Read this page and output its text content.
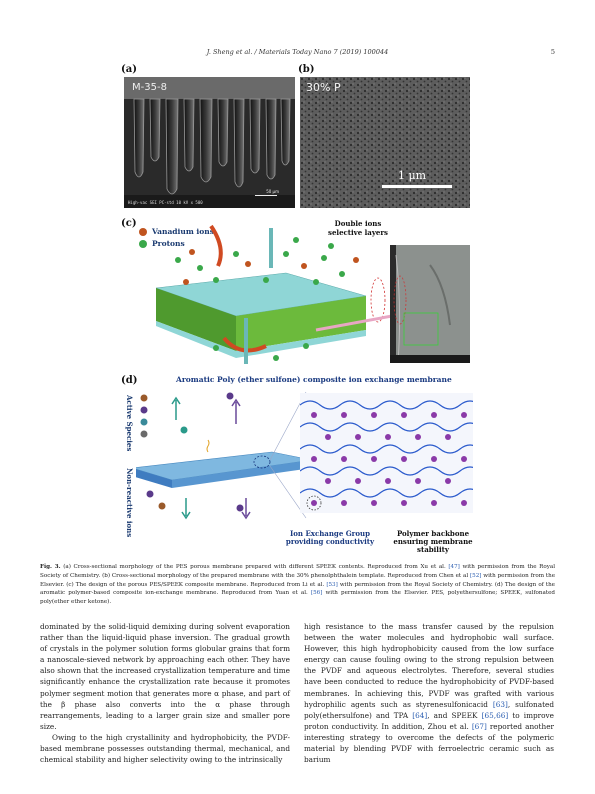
J. Sheng et al. / Materials Today Nano 7 (2019) 100044	5
(a)
M-35-8
50 μm
High-vac SEI PC-std 10 kV x 500
(b)
30% P
1 μm
(c)
Vanadium ions
Protons
Double ions
selective layers
(d)	Aromatic Poly (ether sulfone) composite ion exchange membrane
Active Species
Non-reactive ions	Ion Exchange Group
providing conductivity
Polymer backbone
ensuring membrane stability
Fig. 3. (a) Cross-sectional morphology of the PES porous membrane prepared with different SPEEK contents. Reproduced from Xu et al. [47] with permission from the Royal Society of Chemistry. (b) Cross-sectional morphology of the prepared membrane with the 30% phenolphthalein template. Reproduced from Chen et al [52] with permission from the Elsevier. (c) The design of the porous PES/SPEEK composite membrane. Reproduced from Li et al. [53] with permission from the Royal Society of Chemistry. (d) The design of the aromatic polymer-based composite ion-exchange membrane. Reproduced from Yuan et al. [56] with permission from the Elsevier. PES, polyethersulfone; SPEEK, sulfonated poly(ether ether ketone).

dominated by the solid-liquid demixing during solvent evaporation rather than the liquid-liquid phase inversion. The gradual growth of crystals in the polymer solution forms globular grains that form a nanoscale-sieved network by approaching each other. They have also shown that the increased crystallization temperature and time significantly enhance the crystallization rate because it promotes polymer segment motion that generates more α phase, and part of the β phase also converts into the α phase through rearrangements, leading to a larger grain size and smaller pore size.

Owing to the high crystallinity and hydrophobicity, the PVDF-based membrane possesses outstanding thermal, mechanical, and chemical stability and higher selectivity owing to the intrinsically

high resistance to the mass transfer caused by the repulsion between the water molecules and hydrophobic wall surface. However, this high hydrophobicity caused from the low surface energy can cause fouling owing to the strong repulsion between the PVDF and aqueous electrolytes. Therefore, several studies have been conducted to reduce the hydrophobicity of PVDF-based membranes. In achieving this, PVDF was grafted with various hydrophilic agents such as styrenesulfonicacid [63], sulfonated poly(ethersulfone) and TPA [64], and SPEEK [65,66] to improve proton conductivity. In addition, Zhou et al. [67] reported another interesting strategy to overcome the defects of the polymeric material by blending PVDF with ferroelectric ceramic such as barium
